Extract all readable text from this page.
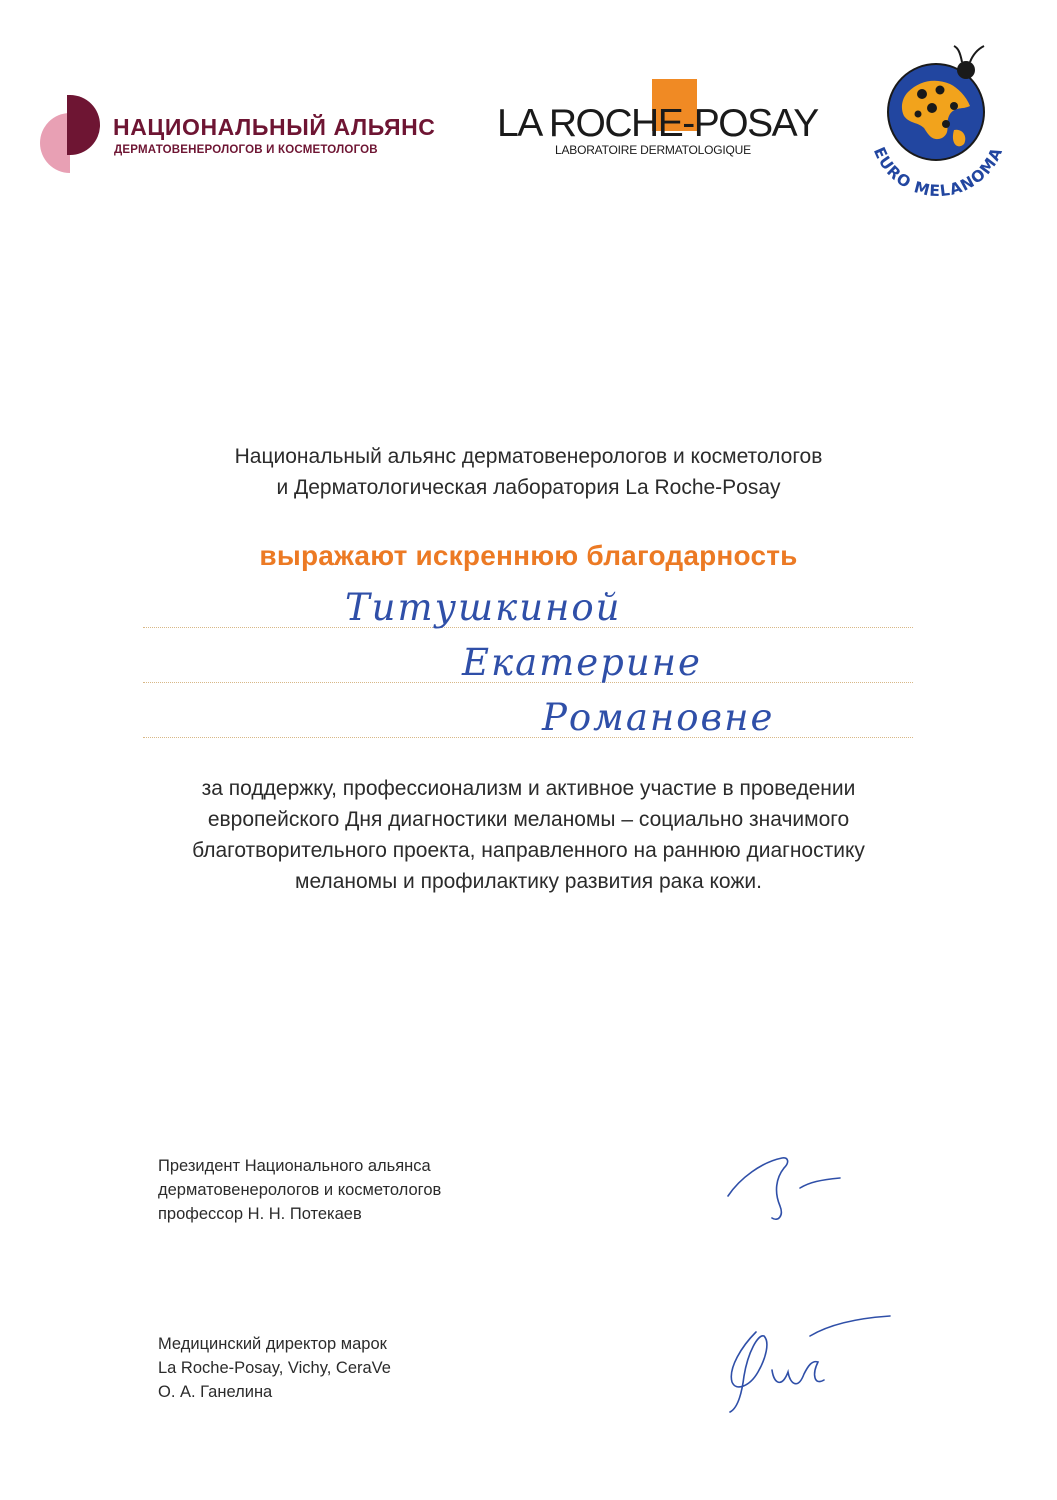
НАЦИОНАЛЬНЫЙ АЛЬЯНС
ДЕРМАТОВЕНЕРОЛОГОВ И КОСМЕТОЛОГОВ
LA ROCHE-POSAY
LABORATOIRE DERMATOLOGIQUE	EURO MELANOMA
Национальный альянс дерматовенерологов и косметологов
и Дерматологическая лаборатория La Roche-Posay
выражают искреннюю благодарность
Титушкиной
Екатерине
Романовне
за поддержку, профессионализм и активное участие в проведении
европейского Дня диагностики меланомы – социально значимого
благотворительного проекта, направленного на раннюю диагностику
меланомы и профилактику развития рака кожи.
Президент Национального альянса
дерматовенерологов и косметологов
профессор Н. Н. Потекаев
Медицинский директор марок
La Roche-Posay, Vichy, CeraVe
О. А. Ганелина
